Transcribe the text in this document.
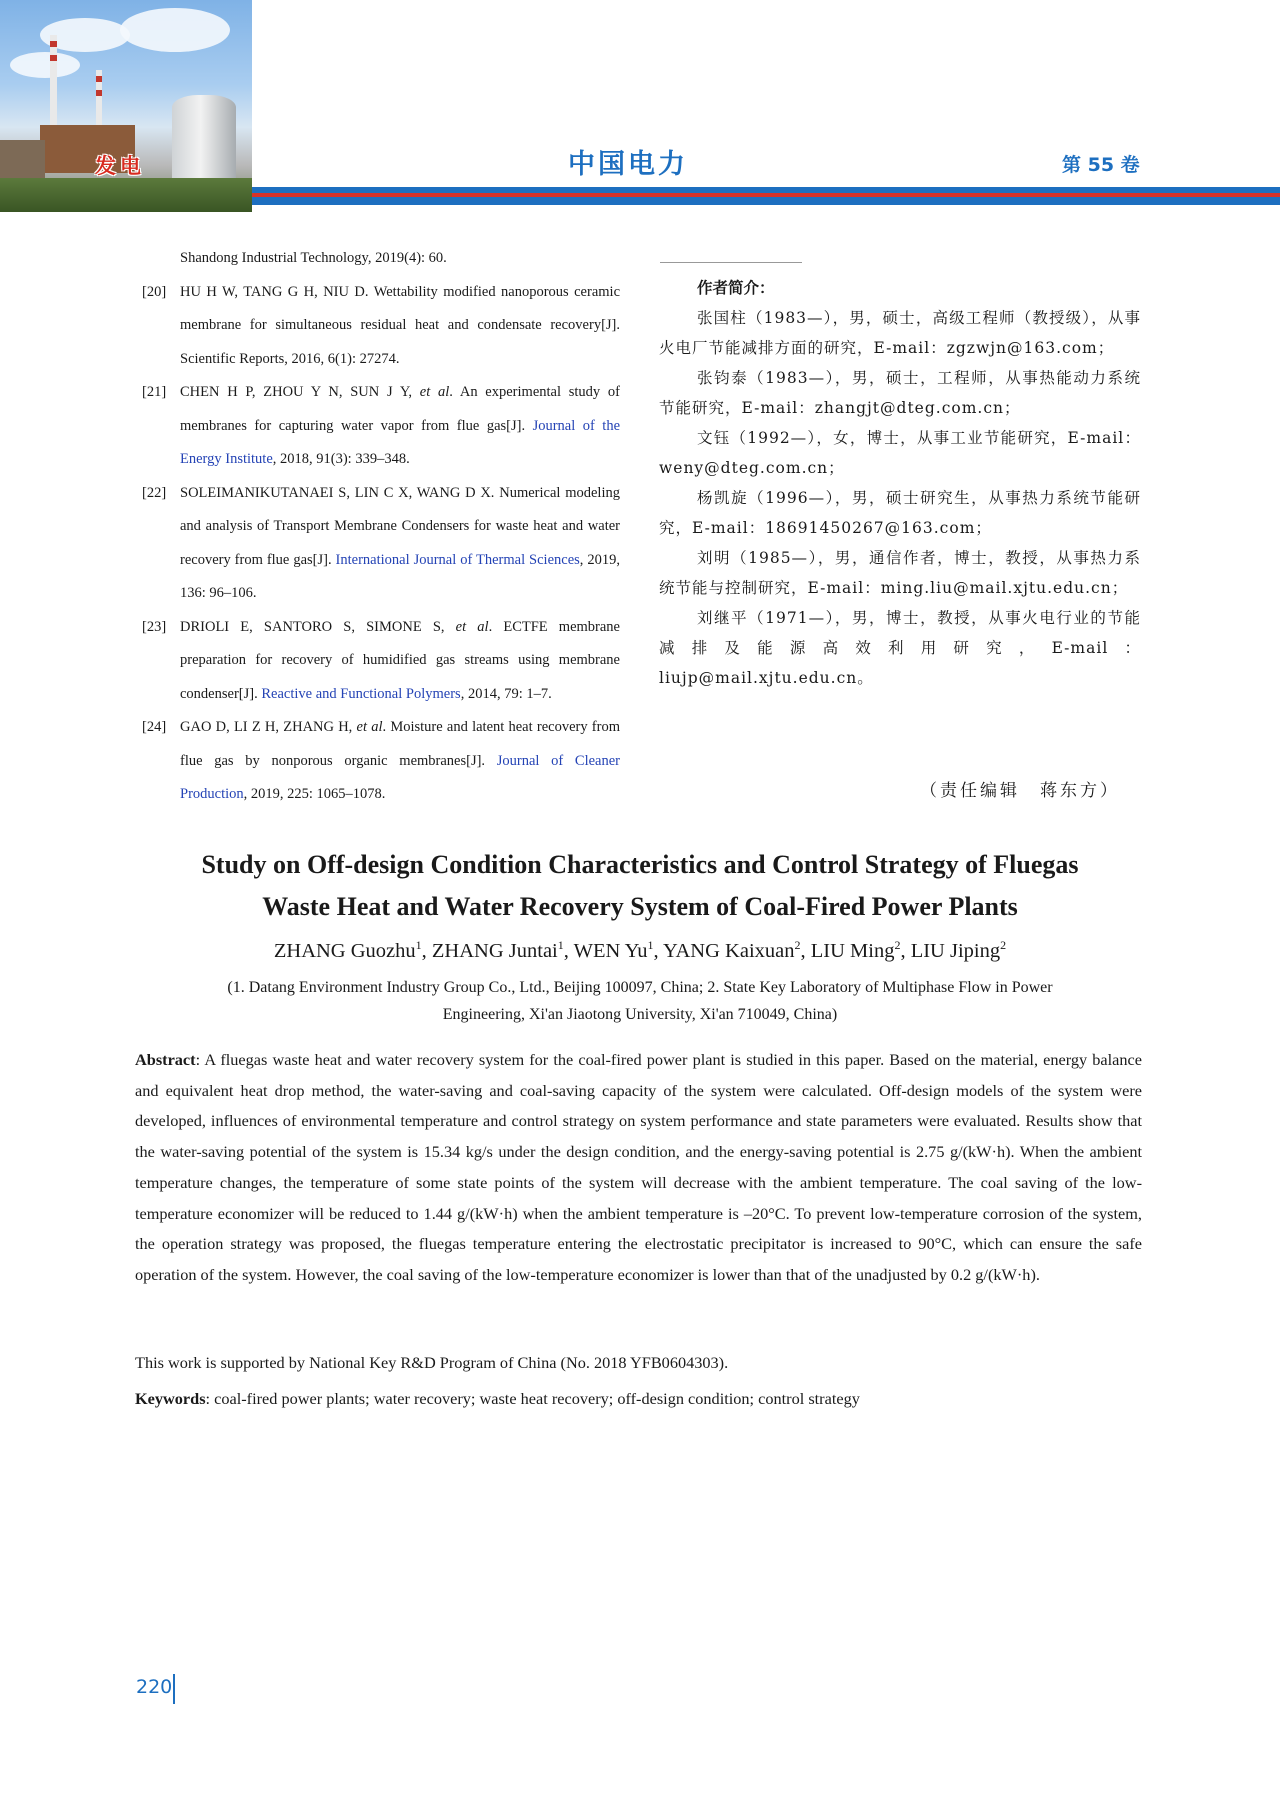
发电	中国电力	第 55 卷
Shandong Industrial Technology, 2019(4): 60.
[20] HU H W, TANG G H, NIU D. Wettability modified nanoporous ceramic membrane for simultaneous residual heat and condensate recovery[J]. Scientific Reports, 2016, 6(1): 27274.
[21] CHEN H P, ZHOU Y N, SUN J Y, et al. An experimental study of membranes for capturing water vapor from flue gas[J]. Journal of the Energy Institute, 2018, 91(3): 339–348.
[22] SOLEIMANIKUTANAEI S, LIN C X, WANG D X. Numerical modeling and analysis of Transport Membrane Condensers for waste heat and water recovery from flue gas[J]. International Journal of Thermal Sciences, 2019, 136: 96–106.
[23] DRIOLI E, SANTORO S, SIMONE S, et al. ECTFE membrane preparation for recovery of humidified gas streams using membrane condenser[J]. Reactive and Functional Polymers, 2014, 79: 1–7.
[24] GAO D, LI Z H, ZHANG H, et al. Moisture and latent heat recovery from flue gas by nonporous organic membranes[J]. Journal of Cleaner Production, 2019, 225: 1065–1078.
作者简介：
张国柱（1983—），男，硕士，高级工程师（教授级），从事火电厂节能减排方面的研究，E-mail：zgzwjn@163.com；
张钧泰（1983—），男，硕士，工程师，从事热能动力系统节能研究，E-mail：zhangjt@dteg.com.cn；
文钰（1992—），女，博士，从事工业节能研究，E-mail：weny@dteg.com.cn；
杨凯旋（1996—），男，硕士研究生，从事热力系统节能研究，E-mail：18691450267@163.com；
刘明（1985—），男，通信作者，博士，教授，从事热力系统节能与控制研究，E-mail：ming.liu@mail.xjtu.edu.cn；
刘继平（1971—），男，博士，教授，从事火电行业的节能减排及能源高效利用研究，E-mail：liujp@mail.xjtu.edu.cn。
（责任编辑　蒋东方）
Study on Off-design Condition Characteristics and Control Strategy of Fluegas
Waste Heat and Water Recovery System of Coal-Fired Power Plants
ZHANG Guozhu$^1$, ZHANG Juntai$^1$, WEN Yu$^1$, YANG Kaixuan$^2$, LIU Ming$^2$, LIU Jiping$^2$
(1. Datang Environment Industry Group Co., Ltd., Beijing 100097, China; 2. State Key Laboratory of Multiphase Flow in Power
Engineering, Xi'an Jiaotong University, Xi'an 710049, China)
Abstract: A fluegas waste heat and water recovery system for the coal-fired power plant is studied in this paper. Based on the material, energy balance and equivalent heat drop method, the water-saving and coal-saving capacity of the system were calculated. Off-design models of the system were developed, influences of environmental temperature and control strategy on system performance and state parameters were evaluated. Results show that the water-saving potential of the system is 15.34 kg/s under the design condition, and the energy-saving potential is 2.75 g/(kW·h). When the ambient temperature changes, the temperature of some state points of the system will decrease with the ambient temperature. The coal saving of the low-temperature economizer will be reduced to 1.44 g/(kW·h) when the ambient temperature is –20°C. To prevent low-temperature corrosion of the system, the operation strategy was proposed, the fluegas temperature entering the electrostatic precipitator is increased to 90°C, which can ensure the safe operation of the system. However, the coal saving of the low-temperature economizer is lower than that of the unadjusted by 0.2 g/(kW·h).
This work is supported by National Key R&D Program of China (No. 2018 YFB0604303).
Keywords: coal-fired power plants; water recovery; waste heat recovery; off-design condition; control strategy
220
